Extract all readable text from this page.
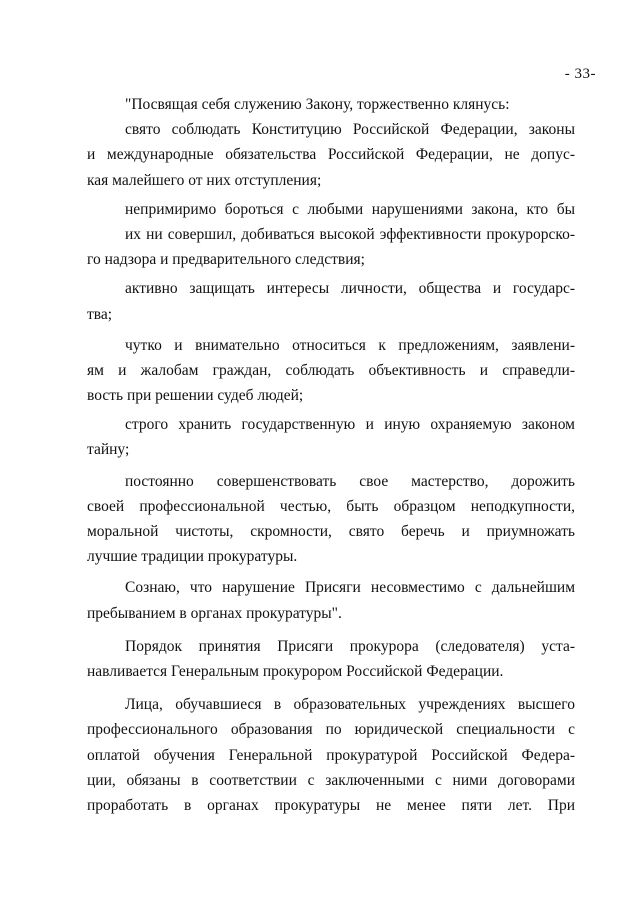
- 33-
"Посвящая себя служению Закону, торжественно клянусь:
свято соблюдать Конституцию Российской Федерации, законы
и международные обязательства Российской Федерации, не допус-
кая малейшего от них отступления;
непримиримо бороться с любыми нарушениями закона, кто бы
их ни совершил, добиваться высокой эффективности прокурорско-
го надзора и предварительного следствия;
активно защищать интересы личности, общества и государс-
тва;
чутко и внимательно относиться к предложениям, заявлени-
ям и жалобам граждан, соблюдать объективность и справедли-
вость при решении судеб людей;
строго хранить государственную и иную охраняемую законом
тайну;
постоянно совершенствовать свое мастерство, дорожить
своей профессиональной честью, быть образцом неподкупности,
моральной чистоты, скромности, свято беречь и приумножать
лучшие традиции прокуратуры.
Сознаю, что нарушение Присяги несовместимо с дальнейшим
пребыванием в органах прокуратуры".
Порядок принятия Присяги прокурора (следователя) уста-
навливается Генеральным прокурором Российской Федерации.
Лица, обучавшиеся в образовательных учреждениях высшего
профессионального образования по юридической специальности с
оплатой обучения Генеральной прокуратурой Российской Федера-
ции, обязаны в соответствии с заключенными с ними договорами
проработать в органах прокуратуры не менее пяти лет. При
